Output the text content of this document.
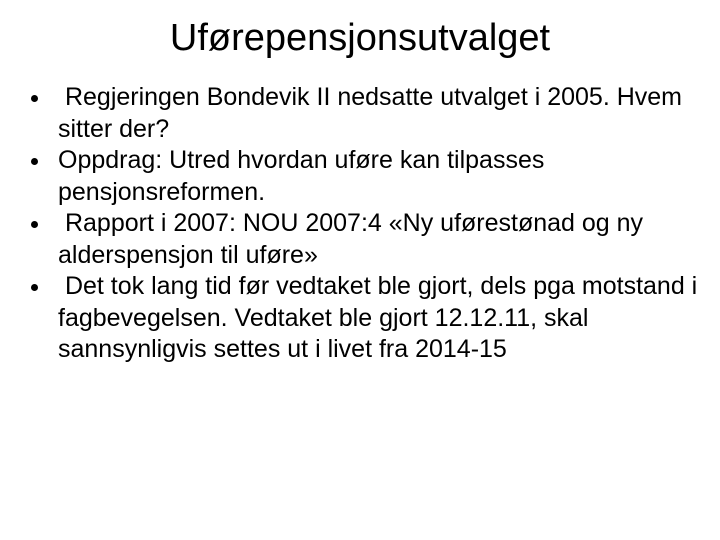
Uførepensjonsutvalget
Regjeringen Bondevik II nedsatte utvalget i 2005. Hvem sitter der?
Oppdrag: Utred hvordan uføre kan tilpasses pensjonsreformen.
Rapport i 2007: NOU 2007:4 «Ny uførestønad og ny alderspensjon til uføre»
Det tok lang tid før vedtaket ble gjort, dels pga motstand i fagbevegelsen. Vedtaket ble gjort 12.12.11, skal sannsynligvis settes ut i livet fra 2014-15
